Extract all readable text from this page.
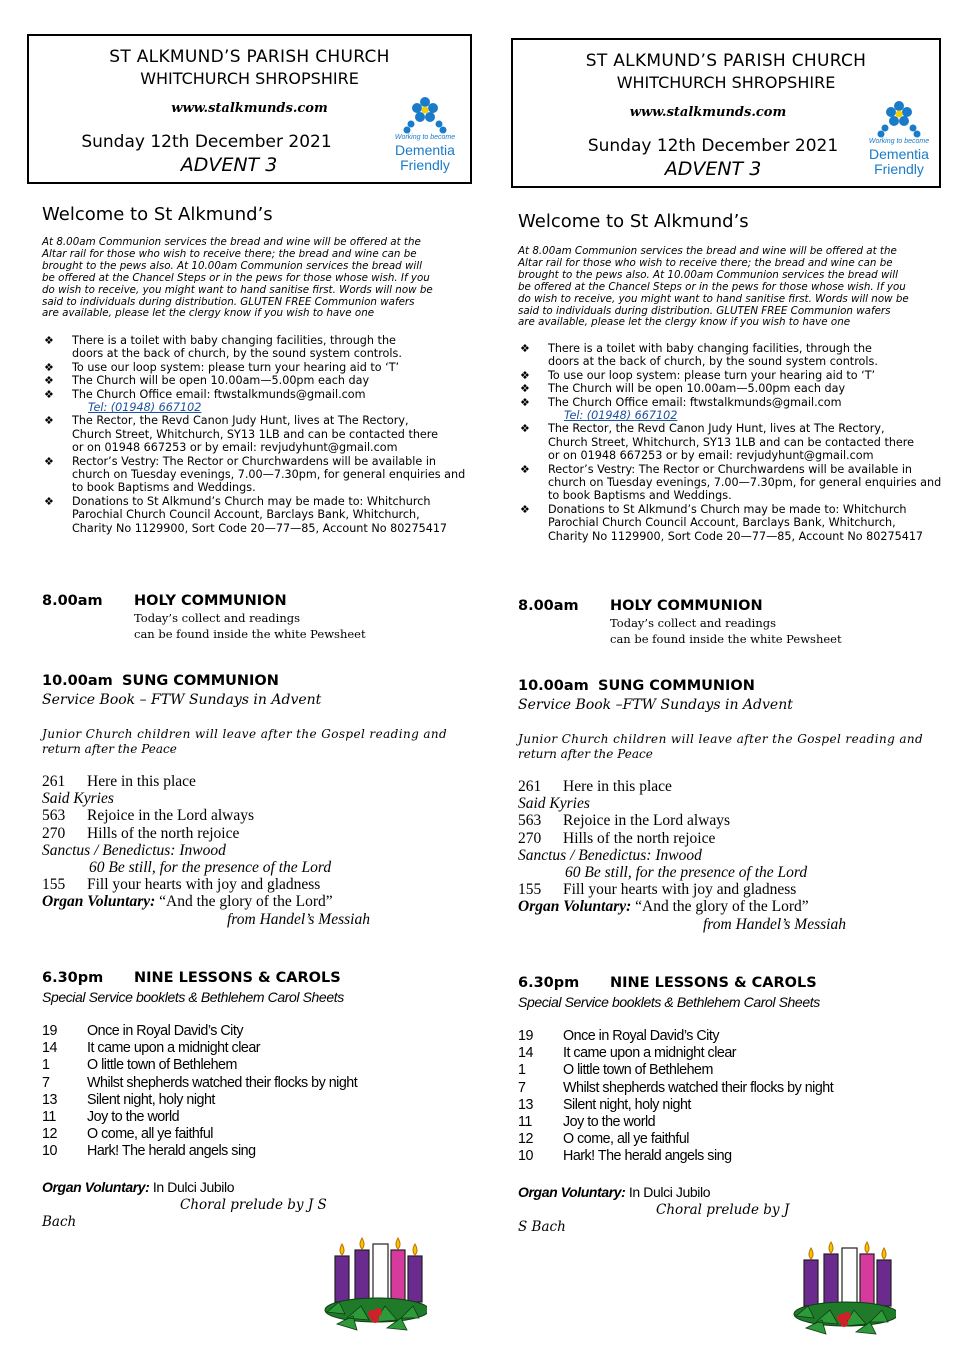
ST ALKMUND’S PARISH CHURCH
WHITCHURCH SHROPSHIRE
www.stalkmunds.com
Sunday 12th December 2021
ADVENT 3
Working to become
Dementia
Friendly
Welcome to St Alkmund’s
At 8.00am Communion services the bread and wine will be offered at the
Altar rail for those who wish to receive there; the bread and wine can be
brought to the pews also. At 10.00am Communion services the bread will
be offered at the Chancel Steps or in the pews for those whose wish. If you
do wish to receive, you might want to hand sanitise first. Words will now be
said to individuals during distribution. GLUTEN FREE Communion wafers
are available, please let the clergy know if you wish to have one
❖ There is a toilet with baby changing facilities, through the
doors at the back of church, by the sound system controls.
❖ To use our loop system: please turn your hearing aid to ‘T’
❖ The Church will be open 10.00am—5.00pm each day
❖ The Church Office email: ftwstalkmunds@gmail.com
Tel: (01948) 667102
❖ The Rector, the Revd Canon Judy Hunt, lives at The Rectory,
Church Street, Whitchurch, SY13 1LB and can be contacted there
or on 01948 667253 or by email: revjudyhunt@gmail.com
❖ Rector’s Vestry: The Rector or Churchwardens will be available in
church on Tuesday evenings, 7.00—7.30pm, for general enquiries and
to book Baptisms and Weddings.
❖ Donations to St Alkmund’s Church may be made to: Whitchurch
Parochial Church Council Account, Barclays Bank, Whitchurch,
Charity No 1129900, Sort Code 20—77—85, Account No 80275417
8.00am HOLY COMMUNION
Today’s collect and readings
can be found inside the white Pewsheet
10.00am SUNG COMMUNION
Service Book – FTW Sundays in Advent
Junior Church children will leave after the Gospel reading and
return after the Peace
261 Here in this place
Said Kyries
563 Rejoice in the Lord always
270 Hills of the north rejoice
Sanctus / Benedictus: Inwood
60 Be still, for the presence of the Lord
155 Fill your hearts with joy and gladness
Organ Voluntary: “And the glory of the Lord”
from Handel’s Messiah
6.30pm NINE LESSONS & CAROLS
Special Service booklets & Bethlehem Carol Sheets
19 Once in Royal David’s City
14 It came upon a midnight clear
1	O little town of Bethlehem
7	Whilst shepherds watched their flocks by night
13 Silent night, holy night
11 Joy to the world
12 O come, all ye faithful
10 Hark! The herald angels sing
Organ Voluntary: In Dulci Jubilo
Choral prelude by J S
Bach
ST ALKMUND’S PARISH CHURCH
WHITCHURCH SHROPSHIRE
www.stalkmunds.com
Sunday 12th December 2021
ADVENT 3
Working to become
Dementia
Friendly
Welcome to St Alkmund’s
At 8.00am Communion services the bread and wine will be offered at the
Altar rail for those who wish to receive there; the bread and wine can be
brought to the pews also. At 10.00am Communion services the bread will
be offered at the Chancel Steps or in the pews for those whose wish. If you
do wish to receive, you might want to hand sanitise first. Words will now be
said to individuals during distribution. GLUTEN FREE Communion wafers
are available, please let the clergy know if you wish to have one
❖ There is a toilet with baby changing facilities, through the
doors at the back of church, by the sound system controls.
❖ To use our loop system: please turn your hearing aid to ‘T’
❖ The Church will be open 10.00am—5.00pm each day
❖ The Church Office email: ftwstalkmunds@gmail.com
Tel: (01948) 667102
❖ The Rector, the Revd Canon Judy Hunt, lives at The Rectory,
Church Street, Whitchurch, SY13 1LB and can be contacted there
or on 01948 667253 or by email: revjudyhunt@gmail.com
❖ Rector’s Vestry: The Rector or Churchwardens will be available in
church on Tuesday evenings, 7.00—7.30pm, for general enquiries and
to book Baptisms and Weddings.
❖ Donations to St Alkmund’s Church may be made to: Whitchurch
Parochial Church Council Account, Barclays Bank, Whitchurch,
Charity No 1129900, Sort Code 20—77—85, Account No 80275417
8.00am HOLY COMMUNION
Today’s collect and readings
can be found inside the white Pewsheet
10.00am SUNG COMMUNION
Service Book –FTW Sundays in Advent
Junior Church children will leave after the Gospel reading and
return after the Peace
261 Here in this place
Said Kyries
563 Rejoice in the Lord always
270 Hills of the north rejoice
Sanctus / Benedictus: Inwood
60 Be still, for the presence of the Lord
155 Fill your hearts with joy and gladness
Organ Voluntary: “And the glory of the Lord”
from Handel’s Messiah
6.30pm NINE LESSONS & CAROLS
Special Service booklets & Bethlehem Carol Sheets
19 Once in Royal David’s City
14 It came upon a midnight clear
1	O little town of Bethlehem
7	Whilst shepherds watched their flocks by night
13 Silent night, holy night
11 Joy to the world
12 O come, all ye faithful
10 Hark! The herald angels sing
Organ Voluntary: In Dulci Jubilo
Choral prelude by J
S Bach
